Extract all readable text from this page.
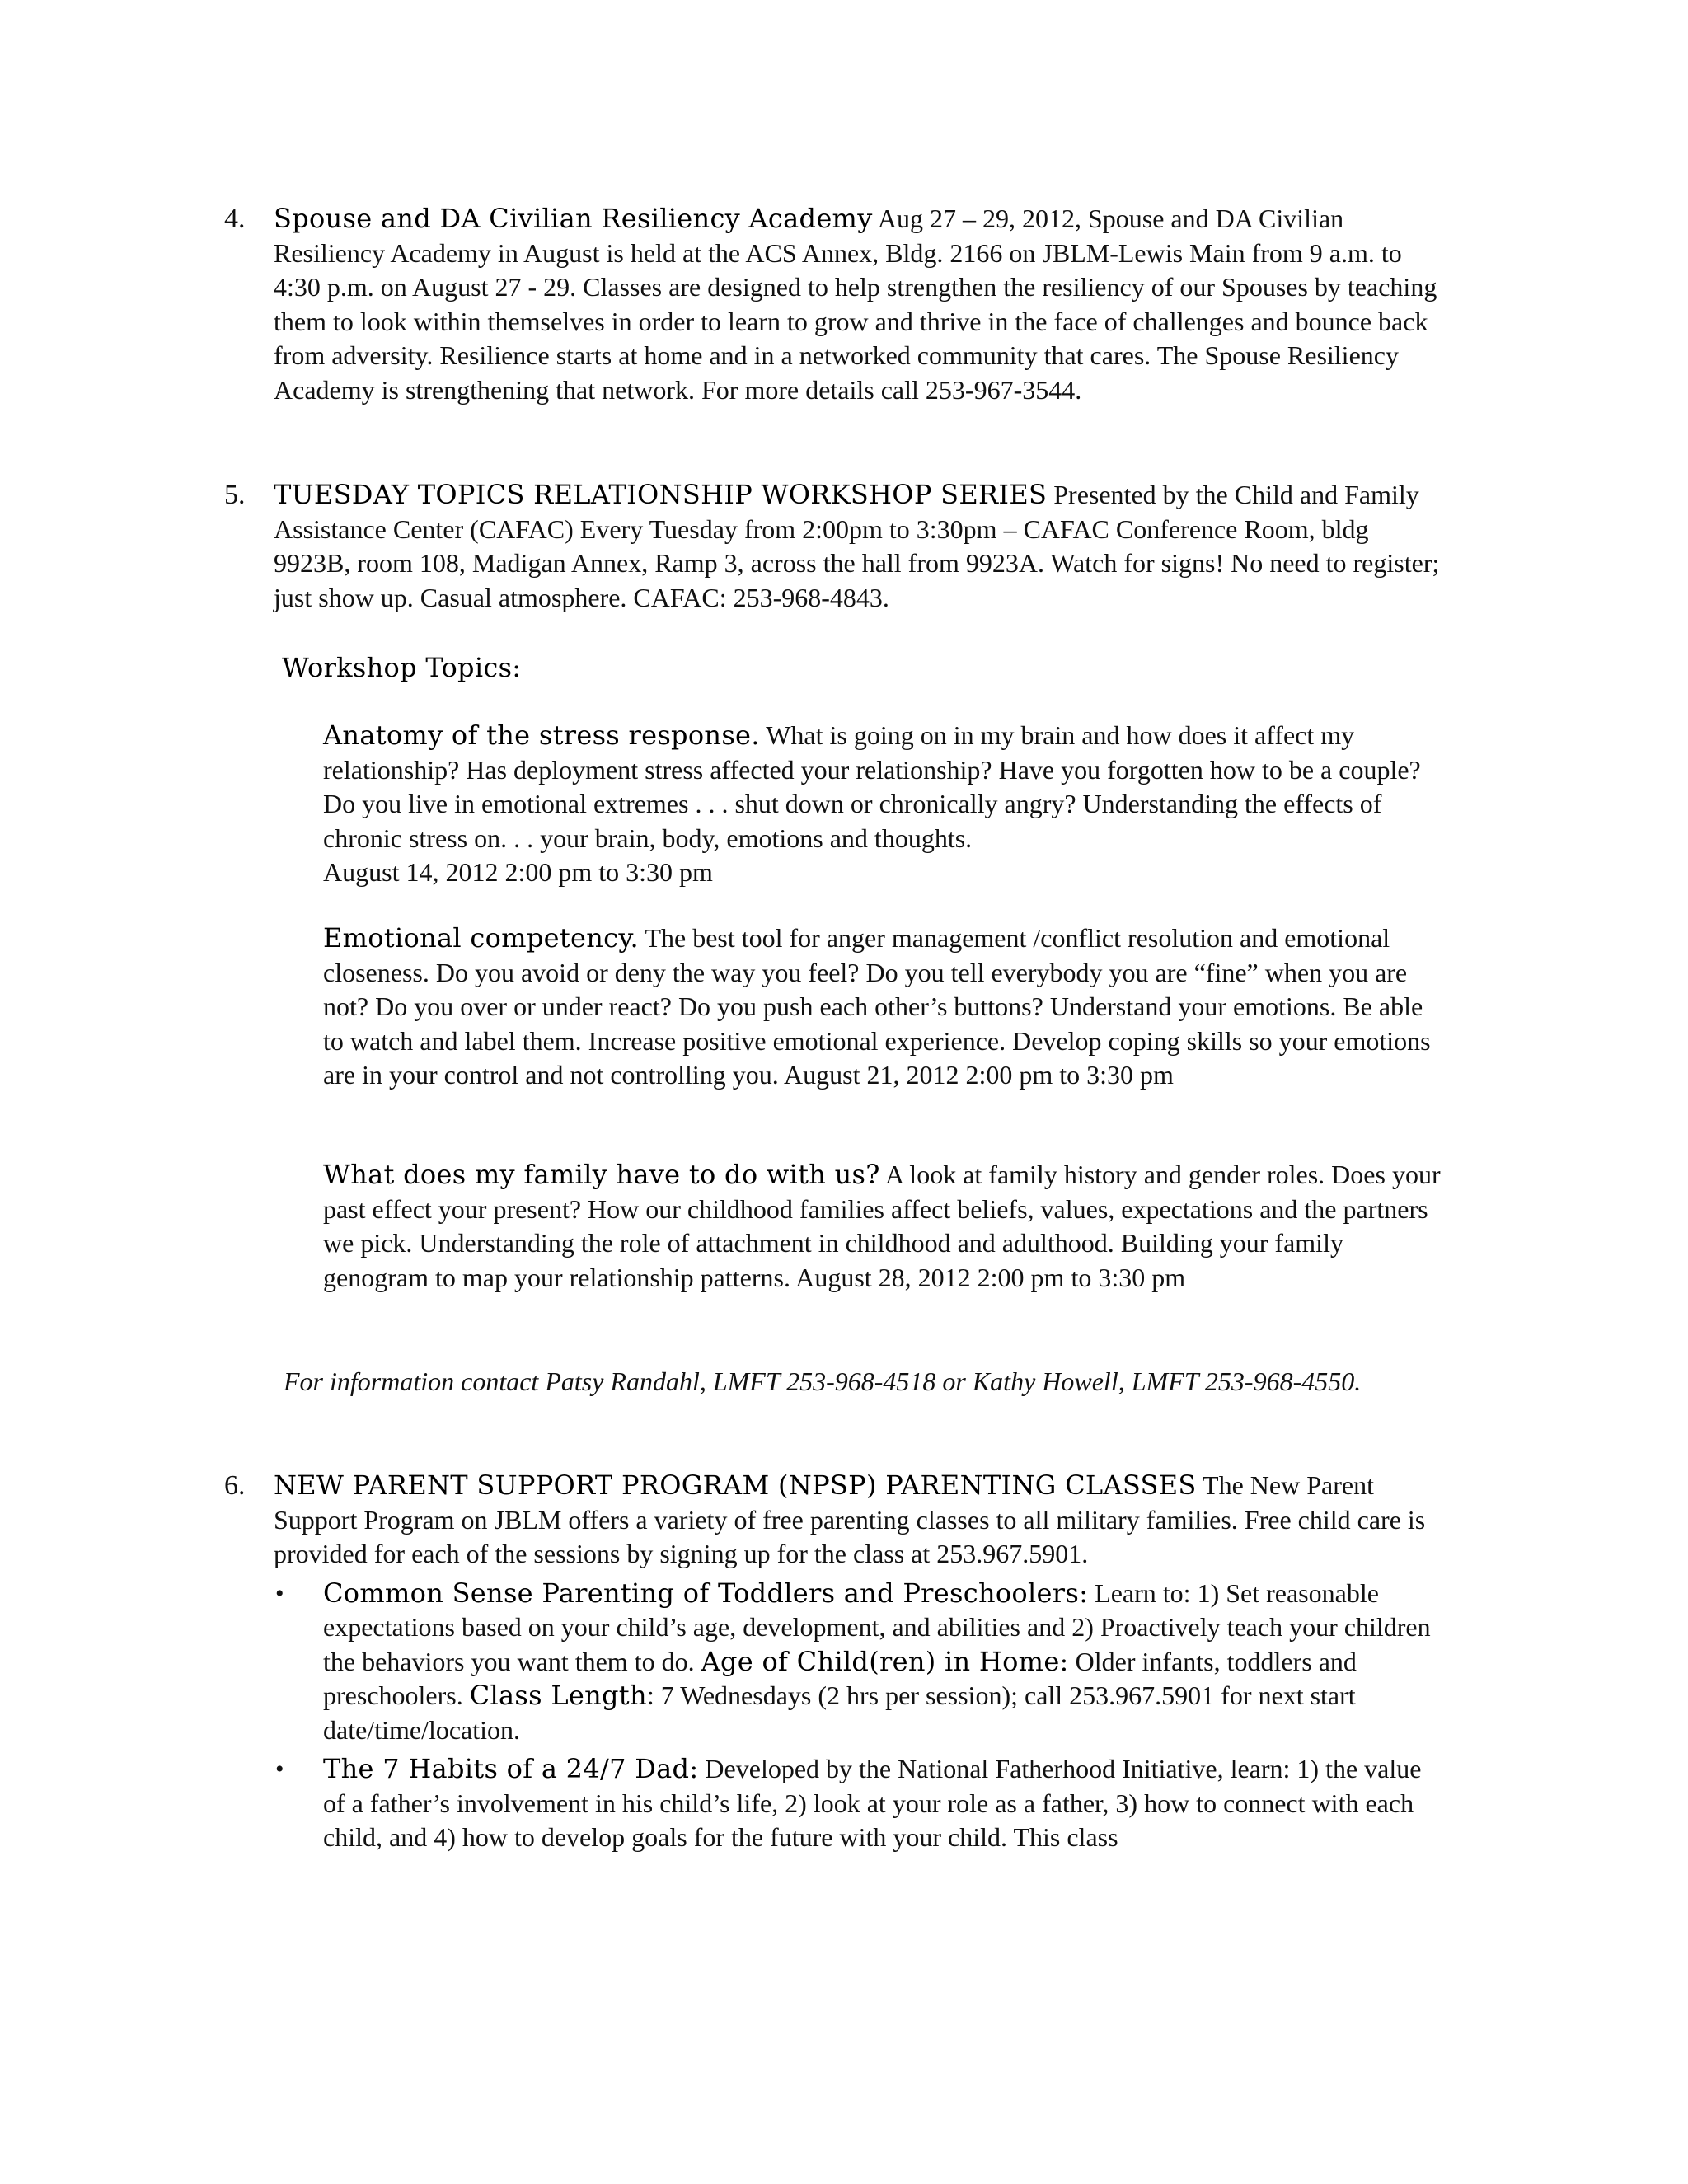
4.	Spouse and DA Civilian Resiliency Academy Aug 27 – 29, 2012, Spouse and DA Civilian Resiliency Academy in August is held at the ACS Annex, Bldg. 2166 on JBLM-Lewis Main from 9 a.m. to 4:30 p.m. on August 27 - 29. Classes are designed to help strengthen the resiliency of our Spouses by teaching them to look within themselves in order to learn to grow and thrive in the face of challenges and bounce back from adversity. Resilience starts at home and in a networked community that cares. The Spouse Resiliency Academy is strengthening that network. For more details call 253-967-3544.
5.	TUESDAY TOPICS RELATIONSHIP WORKSHOP SERIES Presented by the Child and Family Assistance Center (CAFAC) Every Tuesday from 2:00pm to 3:30pm – CAFAC Conference Room, bldg 9923B, room 108, Madigan Annex, Ramp 3, across the hall from 9923A. Watch for signs! No need to register; just show up. Casual atmosphere. CAFAC: 253-968-4843.
Workshop Topics:
Anatomy of the stress response. What is going on in my brain and how does it affect my relationship? Has deployment stress affected your relationship? Have you forgotten how to be a couple? Do you live in emotional extremes . . . shut down or chronically angry? Understanding the effects of chronic stress on. . . your brain, body, emotions and thoughts.
August 14, 2012 2:00 pm to 3:30 pm
Emotional competency. The best tool for anger management /conflict resolution and emotional closeness. Do you avoid or deny the way you feel? Do you tell everybody you are “fine” when you are not? Do you over or under react? Do you push each other’s buttons? Understand your emotions. Be able to watch and label them. Increase positive emotional experience. Develop coping skills so your emotions are in your control and not controlling you. August 21, 2012 2:00 pm to 3:30 pm
What does my family have to do with us? A look at family history and gender roles. Does your past effect your present? How our childhood families affect beliefs, values, expectations and the partners we pick. Understanding the role of attachment in childhood and adulthood. Building your family genogram to map your relationship patterns. August 28, 2012 2:00 pm to 3:30 pm
For information contact Patsy Randahl, LMFT 253-968-4518 or Kathy Howell, LMFT 253-968-4550.
6.	NEW PARENT SUPPORT PROGRAM (NPSP) PARENTING CLASSES The New Parent Support Program on JBLM offers a variety of free parenting classes to all military families. Free child care is provided for each of the sessions by signing up for the class at 253.967.5901.
• Common Sense Parenting of Toddlers and Preschoolers: Learn to: 1) Set reasonable expectations based on your child’s age, development, and abilities and 2) Proactively teach your children the behaviors you want them to do. Age of Child(ren) in Home: Older infants, toddlers and preschoolers. Class Length: 7 Wednesdays (2 hrs per session); call 253.967.5901 for next start date/time/location.
• The 7 Habits of a 24/7 Dad: Developed by the National Fatherhood Initiative, learn: 1) the value of a father’s involvement in his child’s life, 2) look at your role as a father, 3) how to connect with each child, and 4) how to develop goals for the future with your child. This class
